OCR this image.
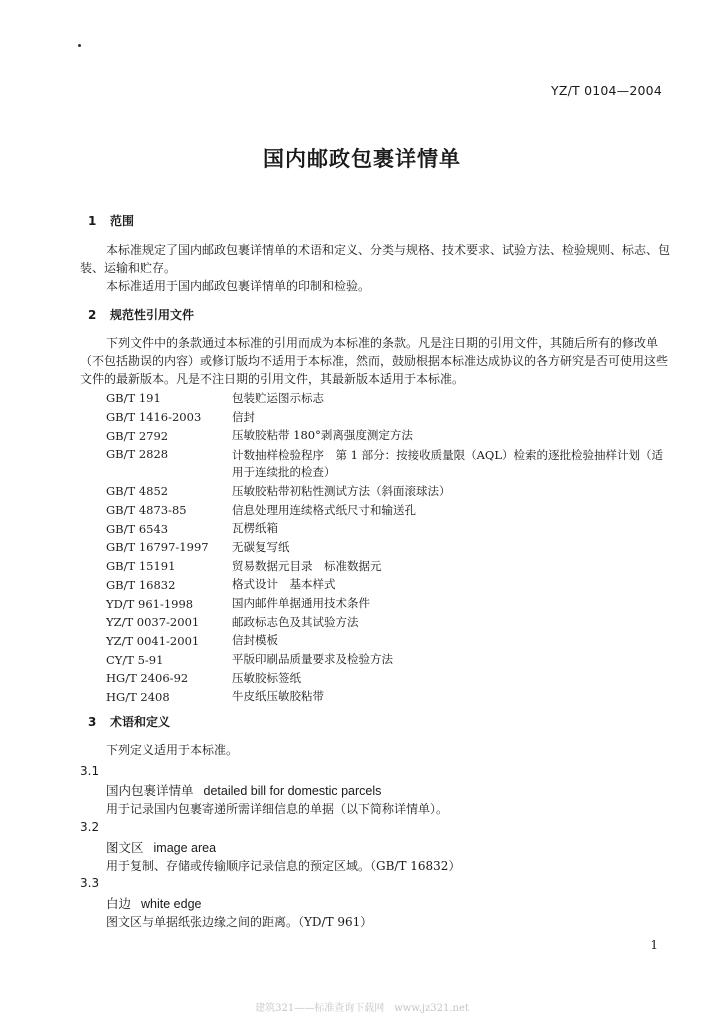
YZ/T 0104—2004
国内邮政包裹详情单
1 范围
本标准规定了国内邮政包裹详情单的术语和定义、分类与规格、技术要求、试验方法、检验规则、标志、包装、运输和贮存。
本标准适用于国内邮政包裹详情单的印制和检验。
2 规范性引用文件
下列文件中的条款通过本标准的引用而成为本标准的条款。凡是注日期的引用文件，其随后所有的修改单（不包括勘误的内容）或修订版均不适用于本标准，然而，鼓励根据本标准达成协议的各方研究是否可使用这些文件的最新版本。凡是不注日期的引用文件，其最新版本适用于本标准。
GB/T 191	包装贮运图示标志
GB/T 1416-2003	信封
GB/T 2792	压敏胶粘带 180°剥离强度测定方法
GB/T 2828	计数抽样检验程序　第 1 部分：按接收质量限（AQL）检索的逐批检验抽样计划（适用于连续批的检查）
GB/T 4852	压敏胶粘带初粘性测试方法（斜面滚球法）
GB/T 4873-85	信息处理用连续格式纸尺寸和输送孔
GB/T 6543	瓦楞纸箱
GB/T 16797-1997	无碳复写纸
GB/T 15191	贸易数据元目录　标准数据元
GB/T 16832	格式设计　基本样式
YD/T 961-1998	国内邮件单据通用技术条件
YZ/T 0037-2001	邮政标志色及其试验方法
YZ/T 0041-2001	信封模板
CY/T 5-91	平版印刷品质量要求及检验方法
HG/T 2406-92	压敏胶标签纸
HG/T 2408	牛皮纸压敏胶粘带
3 术语和定义
下列定义适用于本标准。
3.1
国内包裹详情单 detailed bill for domestic parcels
用于记录国内包裹寄递所需详细信息的单据（以下简称详情单）。
3.2
图文区 image area
用于复制、存储或传输顺序记录信息的预定区域。（GB/T 16832）
3.3
白边 white edge
图文区与单据纸张边缘之间的距离。（YD/T 961）
1
建筑321——标准查询下载网　www.jz321.net
